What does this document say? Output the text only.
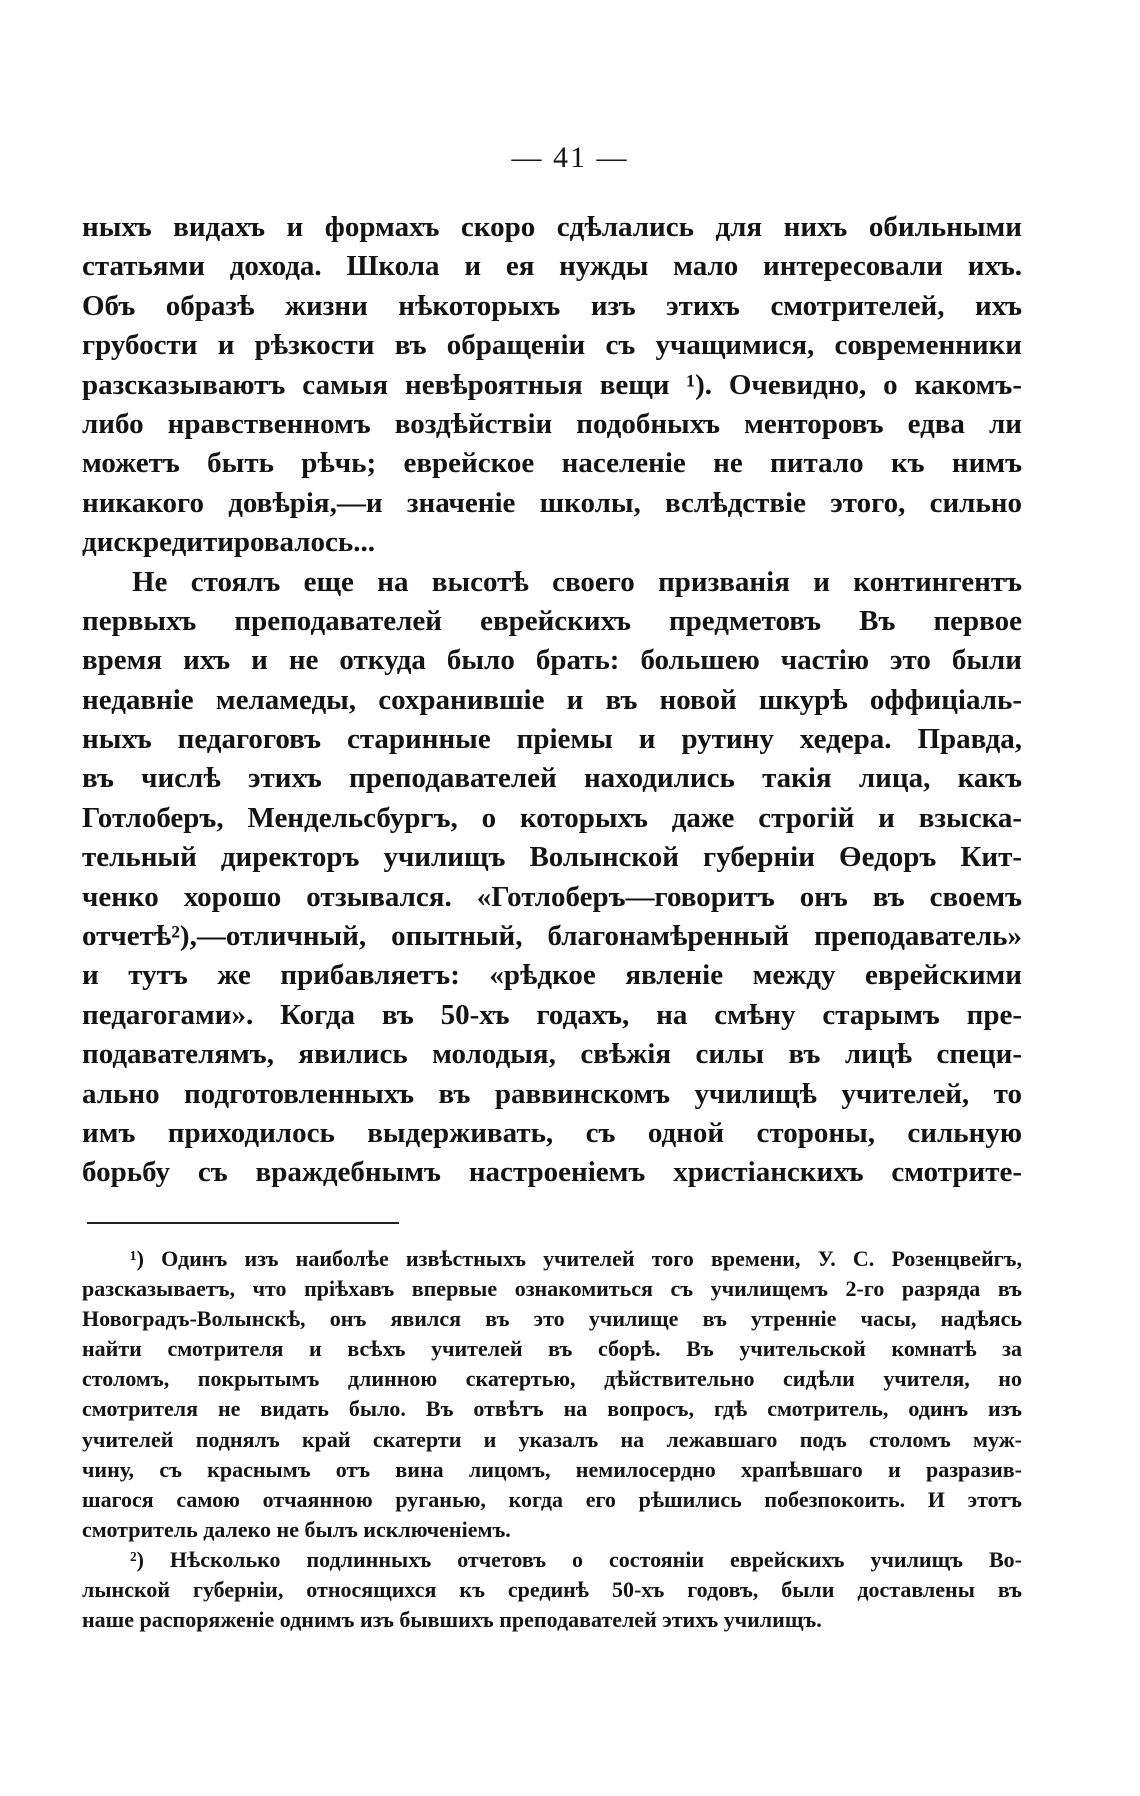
— 41 —
ныхъ видахъ и формахъ скоро сдѣлались для нихъ обильными
статьями дохода. Школа и ея нужды мало интересовали ихъ.
Объ образѣ жизни нѣкоторыхъ изъ этихъ смотрителей, ихъ
грубости и рѣзкости въ обращеніи съ учащимися, современники
разсказываютъ самыя невѣроятныя вещи ¹). Очевидно, о какомъ-
либо нравственномъ воздѣйствіи подобныхъ менторовъ едва ли
можетъ быть рѣчь; еврейское населеніе не питало къ нимъ
никакого довѣрія,—и значеніе школы, вслѣдствіе этого, сильно
дискредитировалось...
Не стоялъ еще на высотѣ своего призванія и контингентъ
первыхъ преподавателей еврейскихъ предметовъ Въ первое
время ихъ и не откуда было брать: большею частію это были
недавніе меламеды, сохранившіе и въ новой шкурѣ оффиціаль-
ныхъ педагоговъ старинные пріемы и рутину хедера. Правда,
въ числѣ этихъ преподавателей находились такія лица, какъ
Готлоберъ, Мендельсбургъ, о которыхъ даже строгій и взыска-
тельный директоръ училищъ Волынской губерніи Өедоръ Кит-
ченко хорошо отзывался. «Готлоберъ—говоритъ онъ въ своемъ
отчетѣ²),—отличный, опытный, благонамѣренный преподаватель»
и тутъ же прибавляетъ: «рѣдкое явленіе между еврейскими
педагогами». Когда въ 50-хъ годахъ, на смѣну старымъ пре-
подавателямъ, явились молодыя, свѣжія силы въ лицѣ специ-
ально подготовленныхъ въ раввинскомъ училищѣ учителей, то
имъ приходилось выдерживать, съ одной стороны, сильную
борьбу съ враждебнымъ настроеніемъ христіанскихъ смотрите-
¹) Одинъ изъ наиболѣе извѣстныхъ учителей того времени, У. С. Розенцвейгъ,
разсказываетъ, что пріѣхавъ впервые ознакомиться съ училищемъ 2-го разряда въ
Новоградъ-Волынскѣ, онъ явился въ это училище въ утренніе часы, надѣясь
найти смотрителя и всѣхъ учителей въ сборѣ. Въ учительской комнатѣ за
столомъ, покрытымъ длинною скатертью, дѣйствительно сидѣли учителя, но
смотрителя не видать было. Въ отвѣтъ на вопросъ, гдѣ смотритель, одинъ изъ
учителей поднялъ край скатерти и указалъ на лежавшаго подъ столомъ муж-
чину, съ краснымъ отъ вина лицомъ, немилосердно храпѣвшаго и разразив-
шагося самою отчаянною руганью, когда его рѣшились побезпокоить. И этотъ
смотритель далеко не былъ исключеніемъ.
²) Нѣсколько подлинныхъ отчетовъ о состояніи еврейскихъ училищъ Во-
лынской губерніи, относящихся къ срединѣ 50-хъ годовъ, были доставлены въ
наше распоряженіе однимъ изъ бывшихъ преподавателей этихъ училищъ.
